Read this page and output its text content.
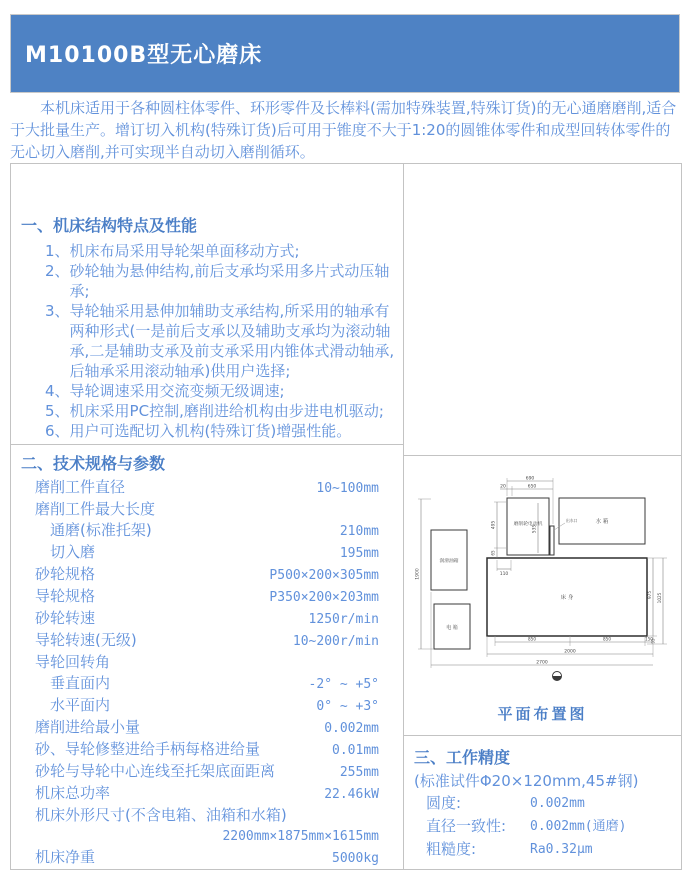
M10100B型无心磨床

本机床适用于各种圆柱体零件、环形零件及长棒料(需加特殊装置,特殊订货)的无心通磨磨削,适合于大批量生产。增订切入机构(特殊订货)后可用于锥度不大于1:20的圆锥体零件和成型回转体零件的无心切入磨削,并可实现半自动切入磨削循环。

一、机床结构特点及性能
1、 机床布局采用导轮架单面移动方式;
2、 砂轮轴为悬伸结构,前后支承均采用多片式动压轴承;
3、 导轮轴采用悬伸加辅助支承结构,所采用的轴承有两种形式(一是前后支承以及辅助支承均为滚动轴承,二是辅助支承及前支承采用内锥体式滑动轴承,后轴承采用滚动轴承)供用户选择;
4、 导轮调速采用交流变频无级调速;
5、 机床采用PC控制,磨削进给机构由步进电机驱动;
6、 用户可选配切入机构(特殊订货)增强性能。
二、技术规格与参数
磨削工件直径	10~100mm
磨削工件最大长度
通磨(标准托架)	210mm
切入磨	195mm
砂轮规格	P500×200×305mm
导轮规格	P350×200×203mm
砂轮转速	1250r/min
导轮转速(无级)	10~200r/min
导轮回转角
垂直面内	-2° ~ +5°
水平面内	0° ~ +3°
磨削进给最小量	0.002mm
砂、导轮修整进给手柄每格进给量	0.01mm
砂轮与导轮中心连线至托架底面距离	255mm
机床总功率	22.46kW
机床外形尺寸(不含电箱、油箱和水箱)
2200mm×1875mm×1615mm
机床净重	5000kg
磨削轮电动机	水 箱
床 身
润滑油箱
电 箱
出水口
690
650
20
495
65
535
110
1900
975 1025
95
850	850	150
2000
2700
平面布置图
三、工作精度
(标准试件Φ20×120mm,45#钢)
圆度:	0.002mm
直径一致性:	0.002mm(通磨)
粗糙度:	Ra0.32μm
